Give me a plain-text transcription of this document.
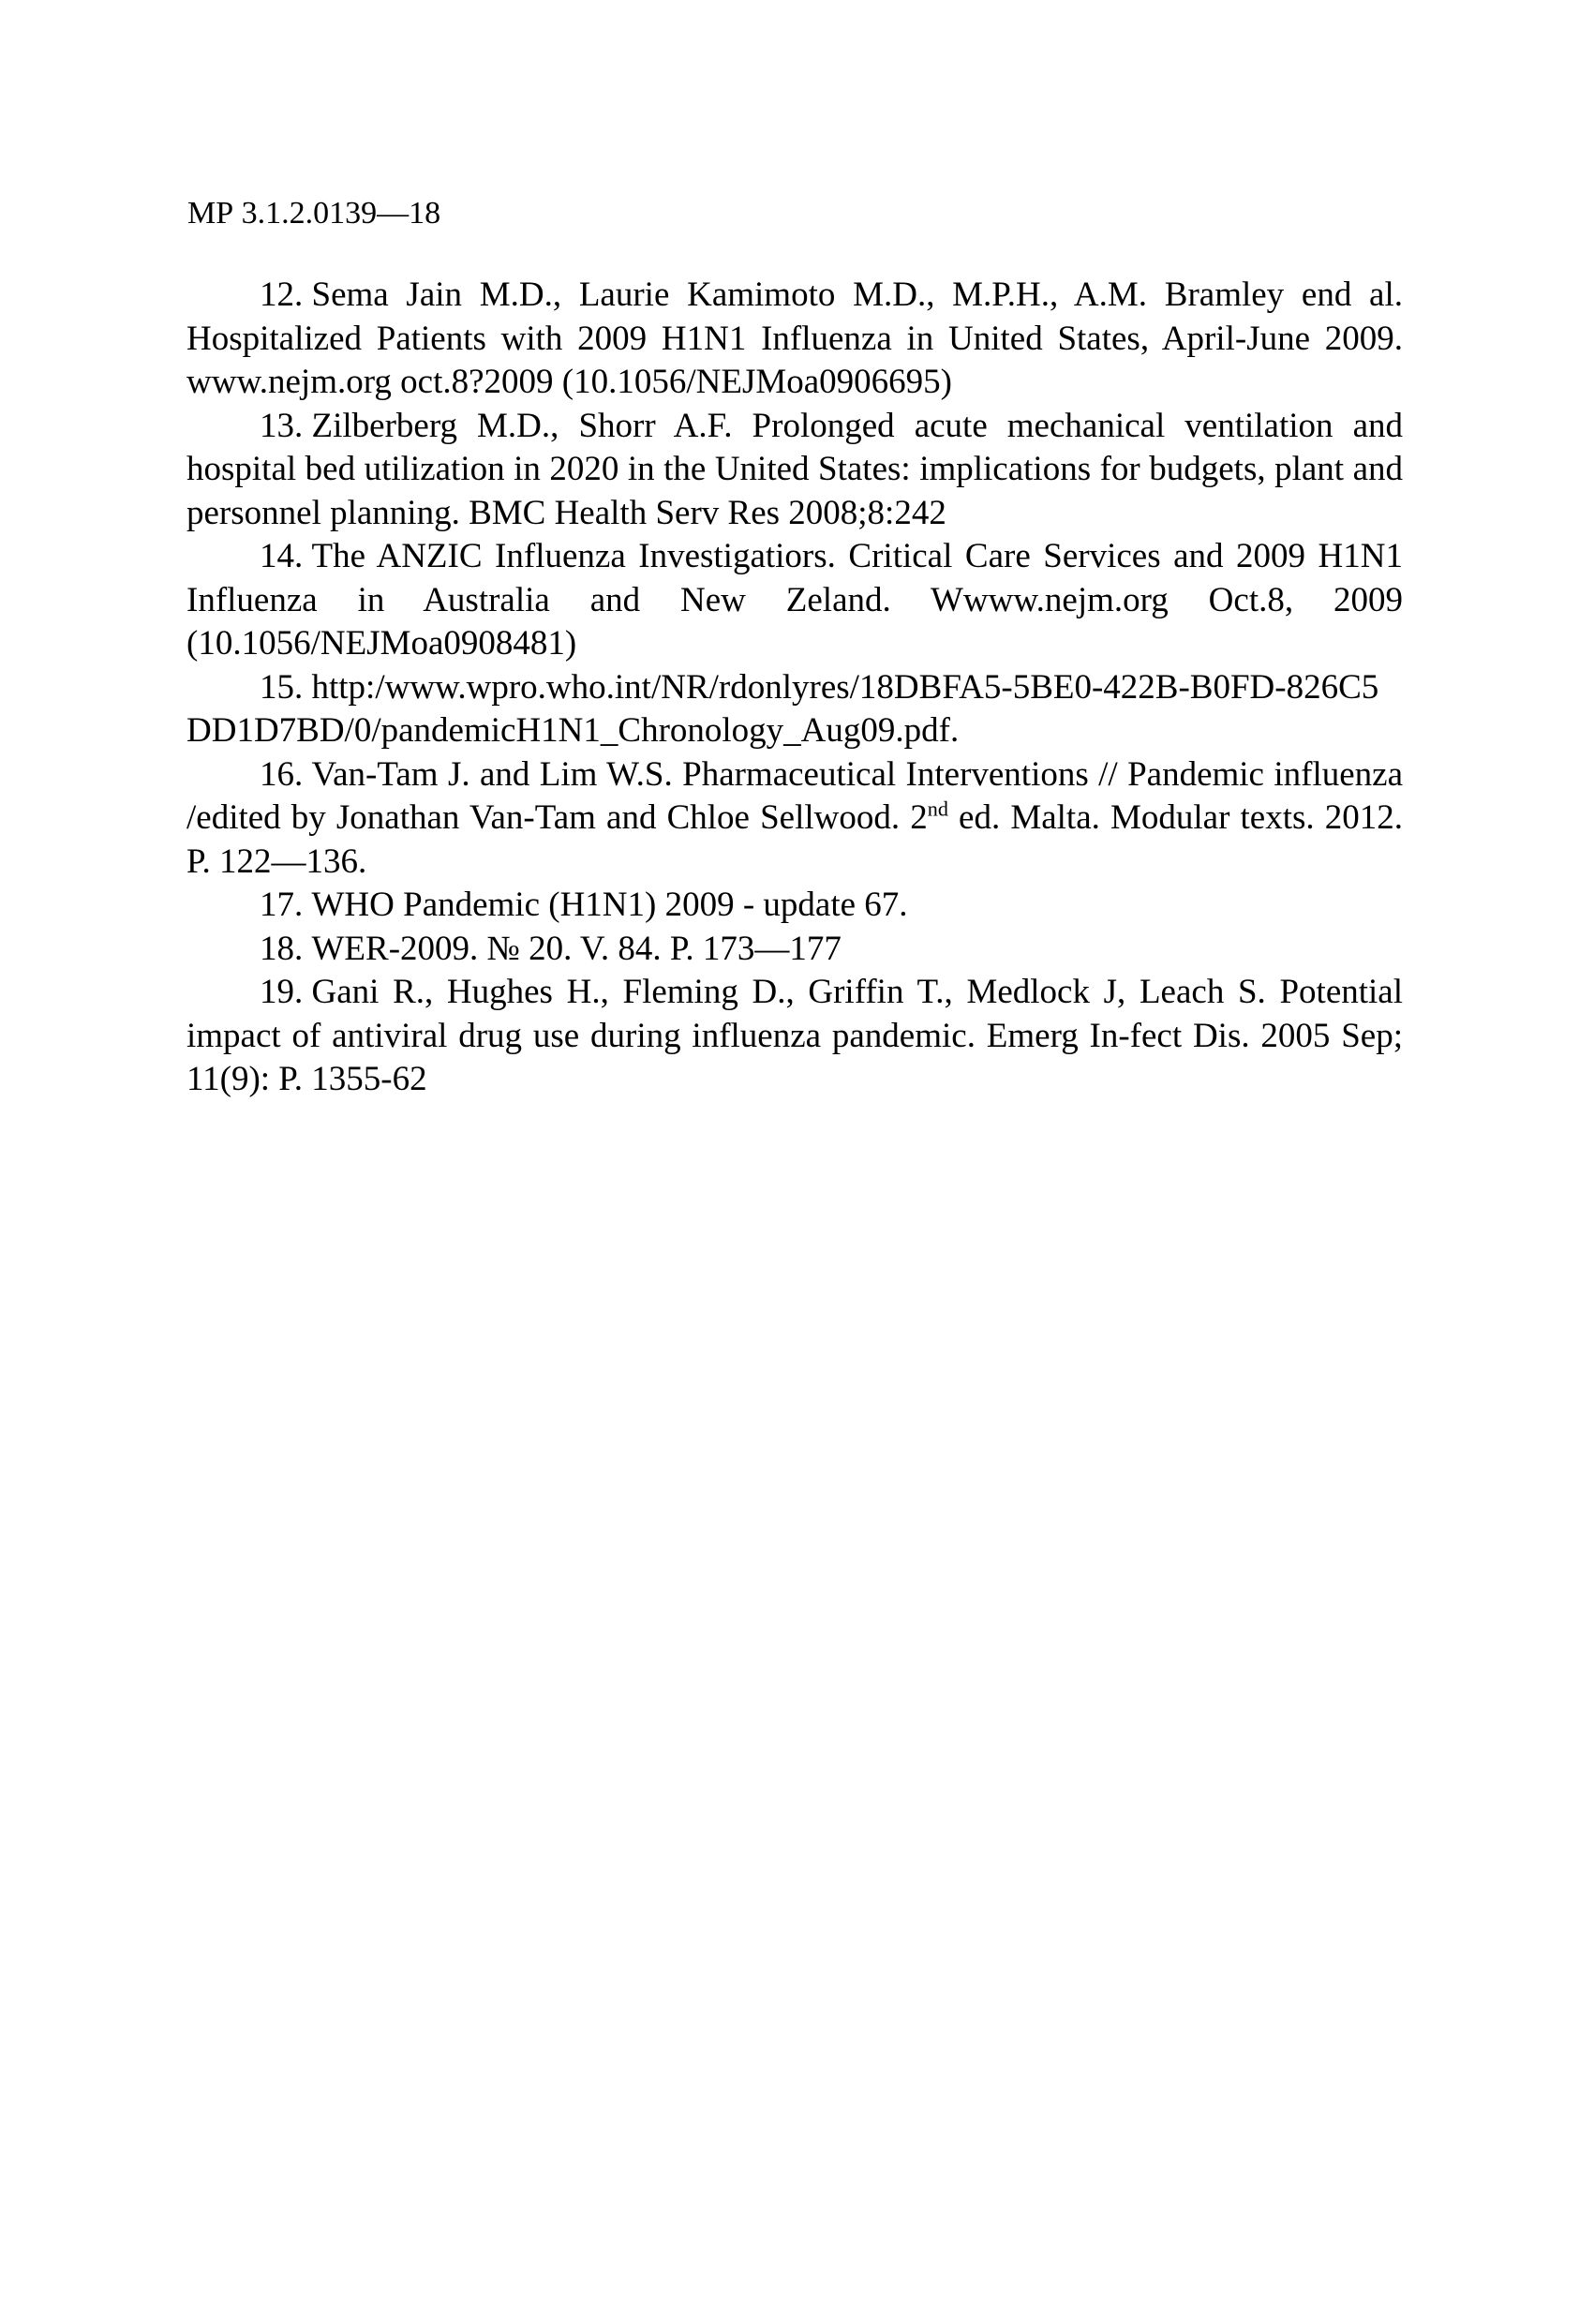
МР 3.1.2.0139—18
12. Sema Jain M.D., Laurie Kamimoto M.D., M.P.H., A.M. Bramley end al. Hospitalized Patients with 2009 H1N1 Influenza in United States, April-June 2009. www.nejm.org oct.8?2009 (10.1056/NEJMoa0906695)
13. Zilberberg M.D., Shorr A.F. Prolonged acute mechanical ventilation and hospital bed utilization in 2020 in the United States: implications for budgets, plant and personnel planning. BMC Health Serv Res 2008;8:242
14. The ANZIC Influenza Investigatiors. Critical Care Services and 2009 H1N1 Influenza in Australia and New Zeland. Wwww.nejm.org Oct.8, 2009 (10.1056/NEJMoa0908481)
15. http:/www.wpro.who.int/NR/rdonlyres/18DBFA5-5BE0-422B-B0FD-826C5DD1D7BD/0/pandemicH1N1_Chronology_Aug09.pdf.
16. Van-Tam J. and Lim W.S. Pharmaceutical Interventions // Pandemic influenza /edited by Jonathan Van-Tam and Chloe Sellwood. 2nd ed. Malta. Modular texts. 2012. P. 122—136.
17. WHO Pandemic (H1N1) 2009 - update 67.
18. WER-2009. № 20. V. 84. P. 173—177
19. Gani R., Hughes H., Fleming D., Griffin T., Medlock J, Leach S. Potential impact of antiviral drug use during influenza pandemic. Emerg In-fect Dis. 2005 Sep; 11(9): P. 1355-62
